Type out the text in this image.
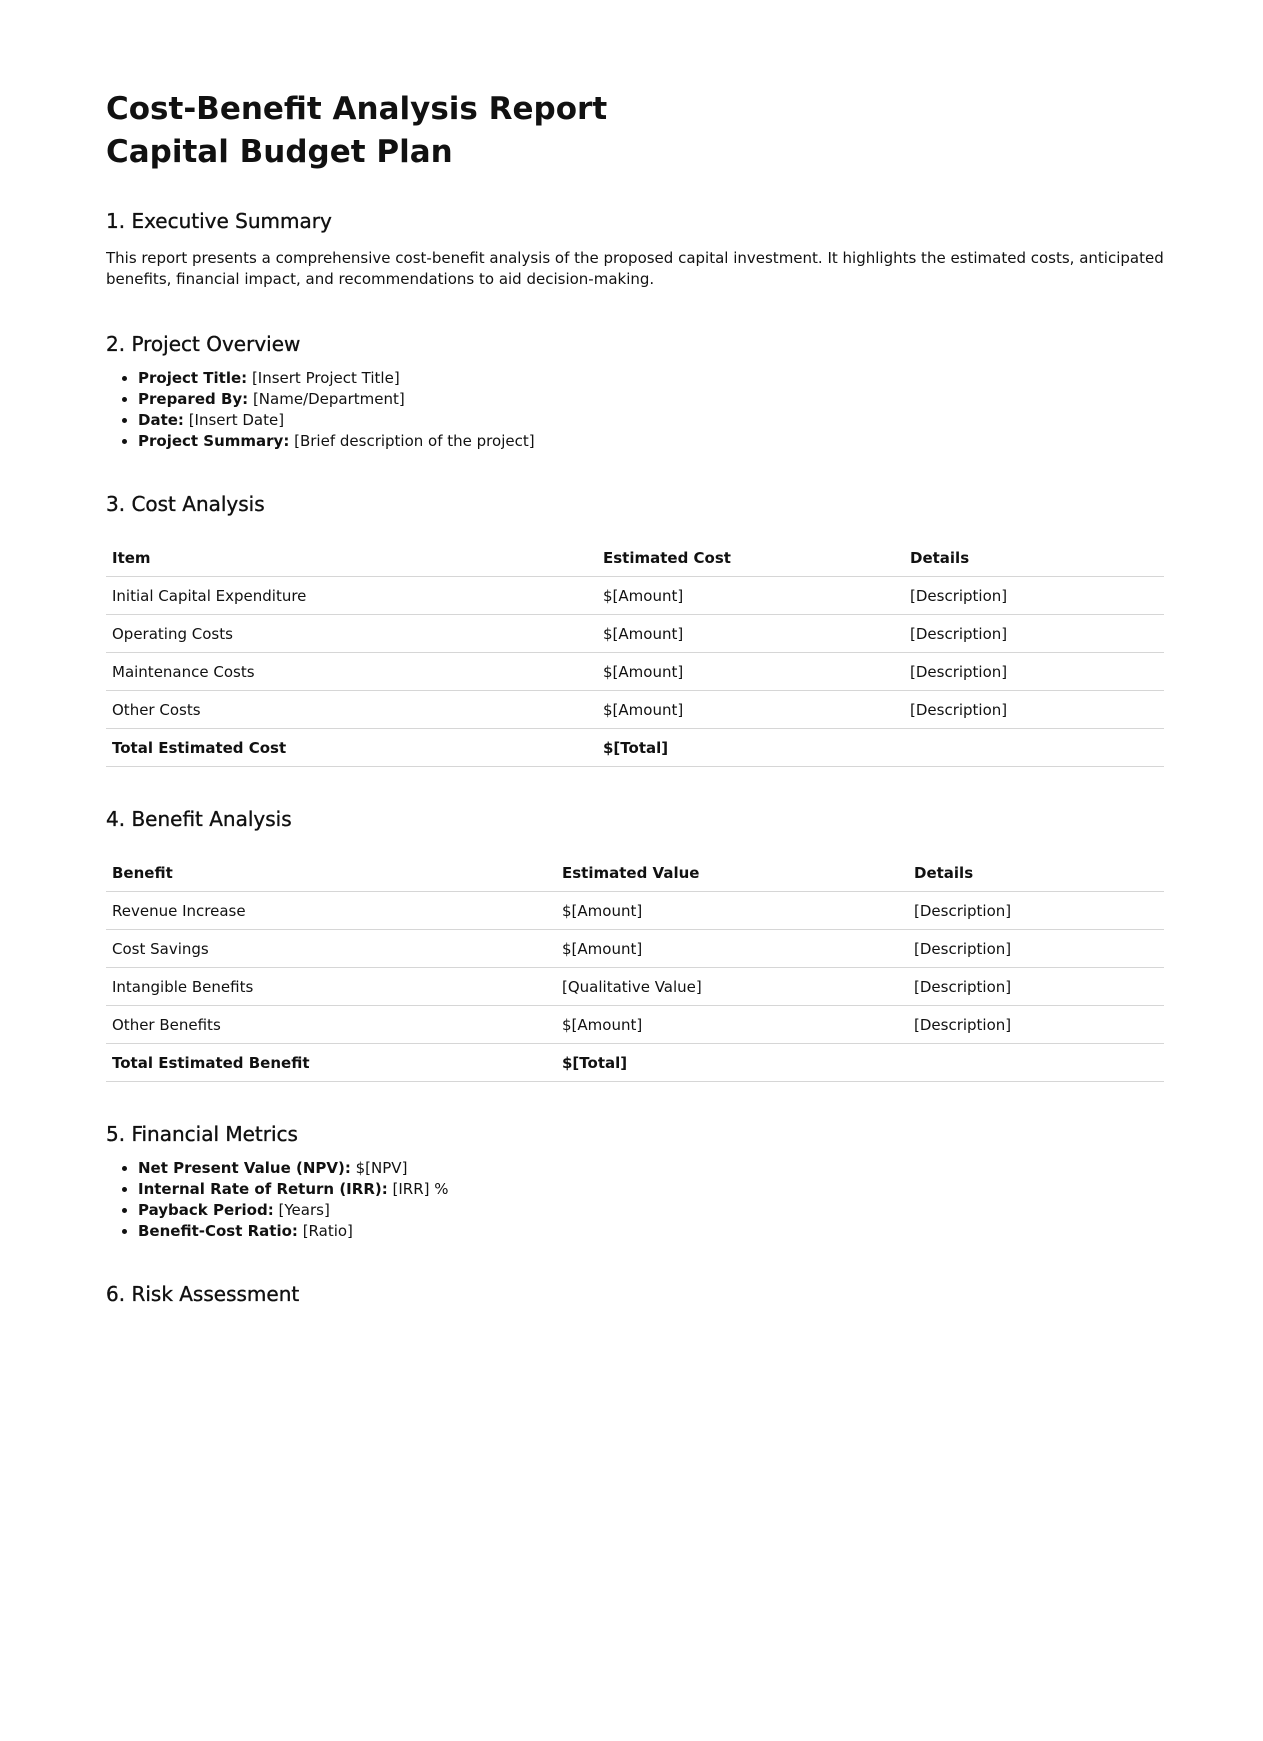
Cost-Benefit Analysis Report
Capital Budget Plan
1. Executive Summary

This report presents a comprehensive cost-benefit analysis of the proposed capital investment. It highlights the estimated costs, anticipated benefits, financial impact, and recommendations to aid decision-making.

2. Project Overview
• Project Title: [Insert Project Title]
• Prepared By: [Name/Department]
• Date: [Insert Date]
• Project Summary: [Brief description of the project]
3. Cost Analysis
Item	Estimated Cost	Details
Initial Capital Expenditure	$[Amount]	[Description]
Operating Costs	$[Amount]	[Description]
Maintenance Costs	$[Amount]	[Description]
Other Costs	$[Amount]	[Description]
Total Estimated Cost	$[Total]	
4. Benefit Analysis
Benefit	Estimated Value	Details
Revenue Increase	$[Amount]	[Description]
Cost Savings	$[Amount]	[Description]
Intangible Benefits	[Qualitative Value]	[Description]
Other Benefits	$[Amount]	[Description]
Total Estimated Benefit	$[Total]	
5. Financial Metrics
• Net Present Value (NPV): $[NPV]
• Internal Rate of Return (IRR): [IRR] %
• Payback Period: [Years]
• Benefit-Cost Ratio: [Ratio]
6. Risk Assessment
